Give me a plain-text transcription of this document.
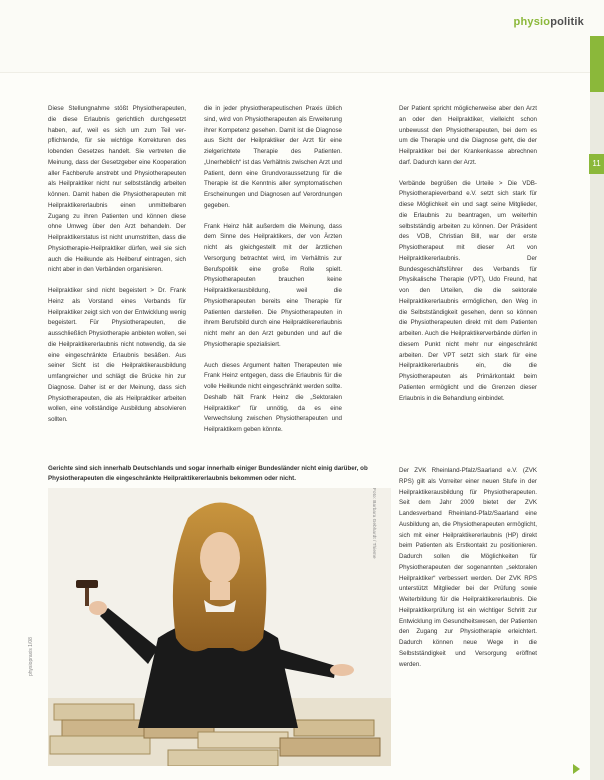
physiopolitik
11

Diese Stellungnahme stößt Physiotherapeuten, die diese Erlaubnis gerichtlich durchgesetzt haben, auf, weil es sich um zum Teil verpflichtende, für sie wichtige Korrekturen des lobenden Gesetzes handelt. Sie vertreten die Meinung, dass der Gesetzgeber eine Kooperation aller Fachberufe anstrebt und Physiotherapeuten als Heilpraktiker nicht nur selbstständig arbeiten können. Damit haben die Physiotherapeuten mit Heilpraktikererlaubnis einen unmittelbaren Zugang zu ihren Patienten und können diese ohne Umweg über den Arzt behandeln. Der Heilpraktikerstatus ist nicht unumstritten, dass die Physiotherapie-Heilpraktiker dürfen, weil sie sich auch die Heilkunde als Heilberuf eintragen, sich nicht aber in den Verbänden organisieren.

Heilpraktiker sind nicht begeistert > Dr. Frank Heinz als Vorstand eines Verbands für Heilpraktiker zeigt sich von der Entwicklung wenig begeistert. Für Physiotherapeuten, die ausschließlich Physiotherapie anbieten wollen, sei die Heilpraktikererlaubnis nicht notwendig, da sie eine eingeschränkte Erlaubnis besäßen. Aus seiner Sicht ist die Heilpraktikerausbildung umfangreicher und schlägt die Brücke hin zur Diagnose. Daher ist er der Meinung, dass sich Physiotherapeuten, die als Heilpraktiker arbeiten wollen, eine vollständige Ausbildung absolvieren sollten.

die in jeder physiotherapeutischen Praxis üblich sind, wird von Physiotherapeuten als Erweiterung ihrer Kompetenz gesehen. Damit ist die Diagnose aus Sicht der Heilpraktiker der Arzt für eine zielgerichtete Therapie des Patienten. „Unerheblich“ ist das Verhältnis zwischen Arzt und Patient, denn eine Grundvoraussetzung für die Therapie ist die Kenntnis aller symptomatischen Erscheinungen und Diagnosen auf Verordnungen gegeben.

Frank Heinz hält außerdem die Meinung, dass dem Sinne des Heilpraktikers, der von Ärzten nicht als gleichgestellt mit der ärztlichen Versorgung betrachtet wird, im Verhältnis zur Berufspolitik eine große Rolle spielt. Physiotherapeuten brauchen keine Heilpraktikerausbildung, weil die Physiotherapeuten bereits eine Therapie für Patienten darstellen. Die Physiotherapeuten in ihrem Berufsbild durch eine Heilpraktikererlaubnis nicht mehr an den Arzt gebunden und auf die Physiotherapie spezialisiert.

Auch dieses Argument halten Therapeuten wie Frank Heinz entgegen, dass die Erlaubnis für die volle Heilkunde nicht eingeschränkt werden sollte. Deshalb hält Frank Heinz die „Sektoralen Heilpraktiker“ für unnötig, da es eine Verwechslung zwischen Physiotherapeuten und Heilpraktikern geben könnte.

Der Patient spricht möglicherweise aber den Arzt an oder den Heilpraktiker, vielleicht schon unbewusst den Physiotherapeuten, bei dem es um die Therapie und die Diagnose geht, die der Heilpraktiker bei der Krankenkasse abrechnen darf. Dadurch kann der Arzt.

Verbände begrüßen die Urteile > Die VDB-Physiotherapieverband e.V. setzt sich stark für diese Möglichkeit ein und sagt seine Mitglieder, die Erlaubnis zu beantragen, um weiterhin selbstständig arbeiten zu können. Der Präsident des VDB, Christian Bill, war der erste Physiotherapeut mit dieser Art von Heilpraktikererlaubnis. Der Bundesgeschäftsführer des Verbands für Physikalische Therapie (VPT), Udo Freund, hat von den Urteilen, die die sektorale Heilpraktikererlaubnis ermöglichen, den Weg in die Selbstständigkeit gesehen, denn so können die Physiotherapeuten direkt mit dem Patienten arbeiten. Auch die Heilpraktikerverbände dürfen in diesem Punkt nicht mehr nur eingeschränkt arbeiten. Der VPT setzt sich stark für eine Heilpraktikererlaubnis ein, die die Physiotherapeuten als Primärkontakt beim Patienten ermöglicht und die Grenzen dieser Erlaubnis in die Behandlung einbindet.

Der ZVK Rheinland-Pfalz/Saarland e.V. (ZVK RPS) gilt als Vorreiter einer neuen Stufe in der Heilpraktikerausbildung für Physiotherapeuten. Seit dem Jahr 2009 bietet der ZVK Landesverband Rheinland-Pfalz/Saarland eine Ausbildung an, die Physiotherapeuten ermöglicht, sich mit einer Heilpraktikererlaubnis (HP) direkt beim Patienten als Erstkontakt zu positionieren. Dadurch sollen die Möglichkeiten für Physiotherapeuten der sogenannten „sektoralen Heilpraktiker“ verbessert werden. Der ZVK RPS unterstützt Mitglieder bei der Prüfung sowie Weiterbildung für die Heilpraktikererlaubnis. Die Heilpraktikerprüfung ist ein wichtiger Schritt zur Entwicklung im Gesundheitswesen, der Patienten den Zugang zur Physiotherapie erleichtert. Dadurch können neue Wege in die Selbstständigkeit und Versorgung eröffnet werden.

Gerichte sind sich innerhalb Deutschlands und sogar innerhalb einiger Bundesländer nicht einig darüber, ob Physiotherapeuten die eingeschränkte Heilpraktikererlaubnis bekommen oder nicht.
Foto: Barbara Gebhardt / Thieme
physiopraxis 1/08
